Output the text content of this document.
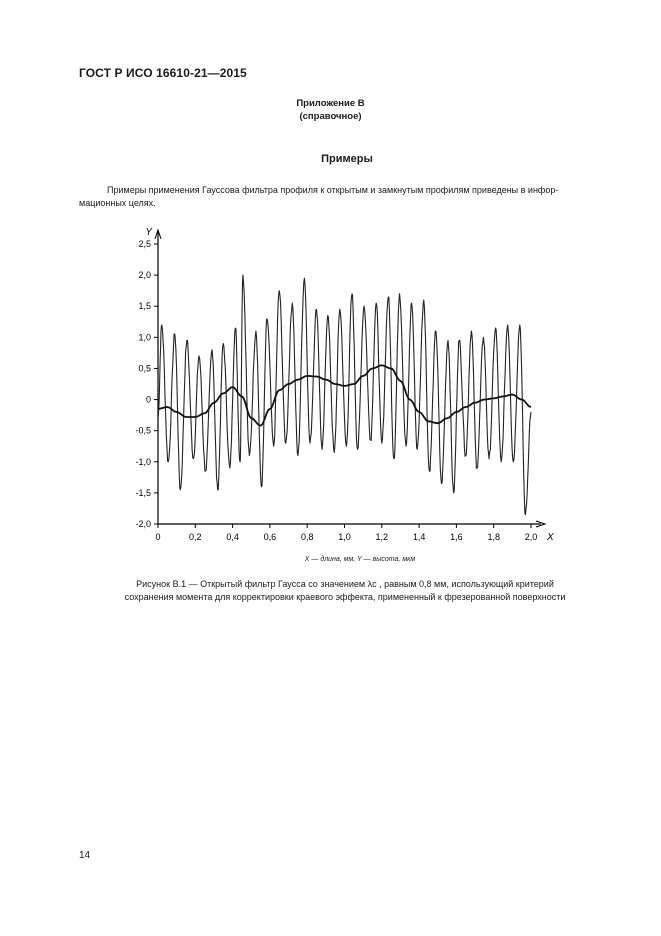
ГОСТ Р ИСО 16610-21—2015
Приложение В
(справочное)
Примеры
Примеры применения Гауссова фильтра профиля к открытым и замкнутым профилям приведены в инфор-
мационных целях.
Y
X
0	0,2	0,4	0,6	0,8	1,0	1,2	1,4	1,6	1,8	2,0
2,5
2,0
1,5
1,0
0,5
0
-0,5
-1,0
-1,5
-2,0
X — длина, мм, Y — высота, мкм
Рисунок В.1 — Открытый фильтр Гаусса со значением λc , равным 0,8 мм, использующий критерий
сохранения момента для корректировки краевого эффекта, примененный к фрезерованной поверхности
14
